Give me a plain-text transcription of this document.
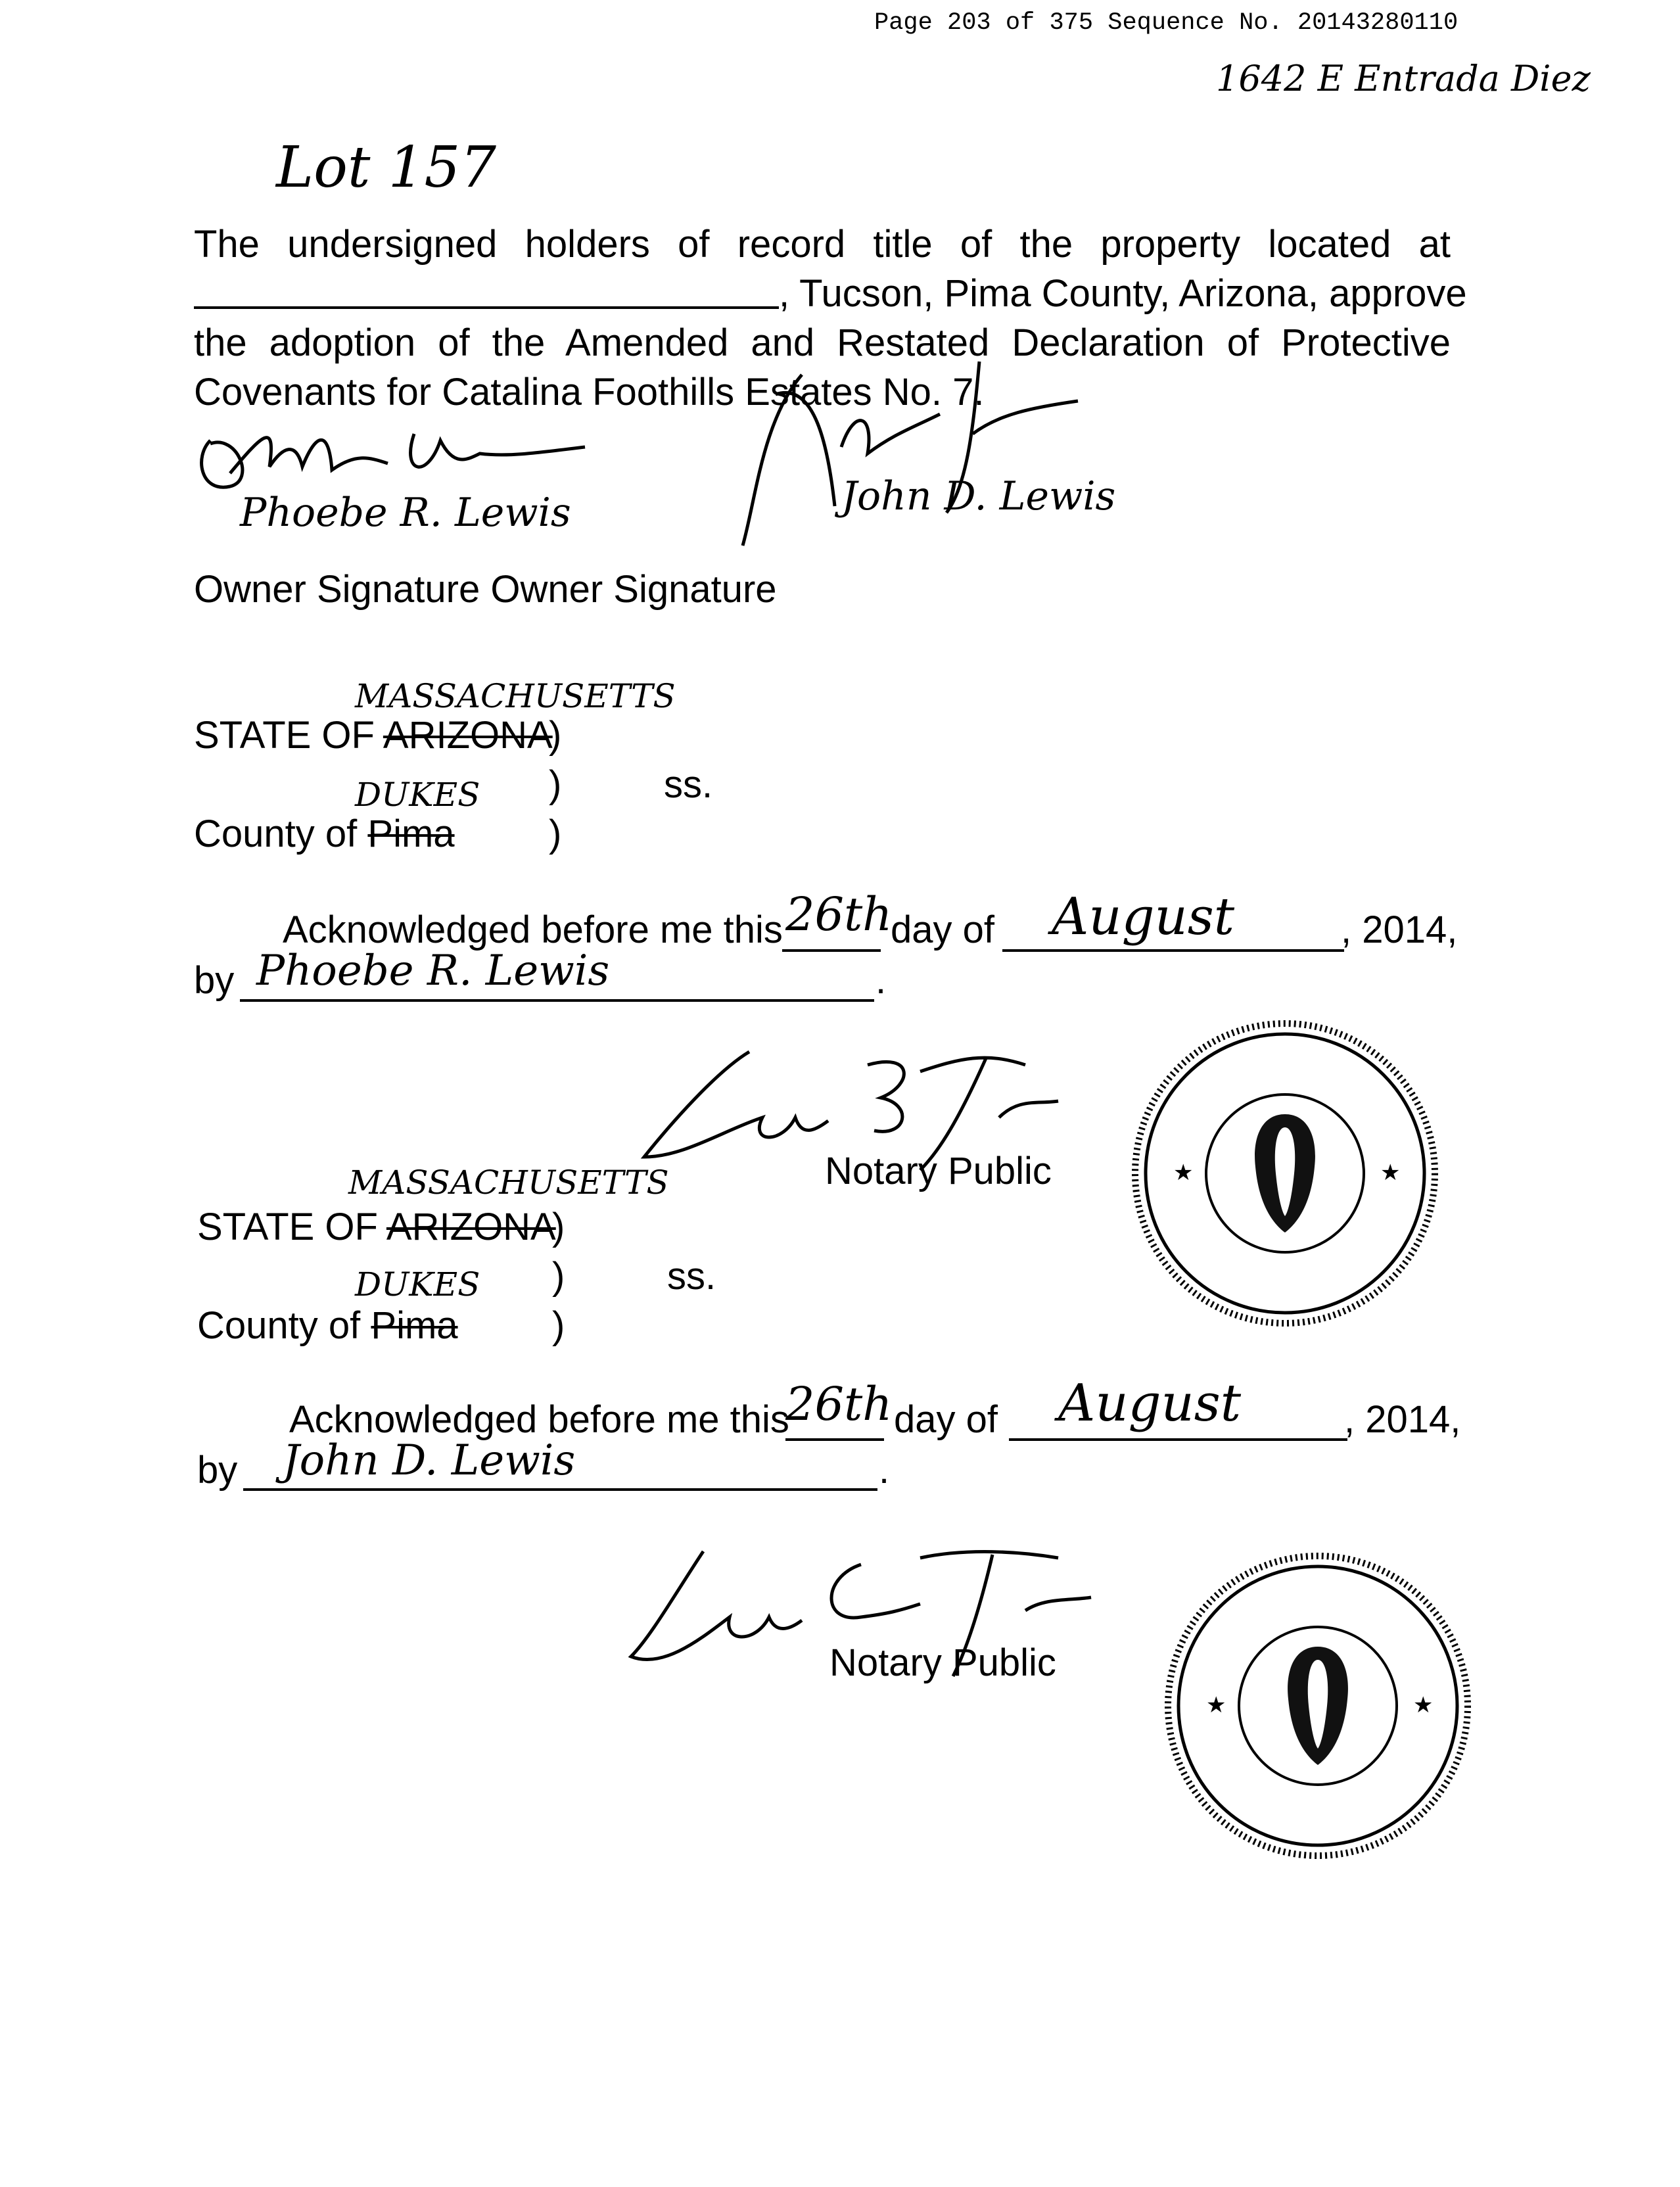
Page 203 of 375 Sequence No. 20143280110
1642 E Entrada Diez
Lot 157
The undersigned holders of record title of the property located at
, Tucson, Pima County, Arizona, approve
the adoption of the Amended and Restated Declaration of Protective
Covenants for Catalina Foothills Estates No. 7.
Phoebe R. Lewis	John D. Lewis
Owner Signature Owner Signature
MASSACHUSETTS
STATE OF ARIZONA
)
DUKES )	ss.
County of Pima )
Acknowledged before me this 26th
day of August	, 2014,
by Phoebe R. Lewis	.
Notary Public	★	★
MASSACHUSETTS
STATE OF ARIZONA
)
DUKES )	ss.
County of Pima )
Acknowledged before me this
26th day of August	, 2014,
by John D. Lewis	.
Notary Public
★	★
